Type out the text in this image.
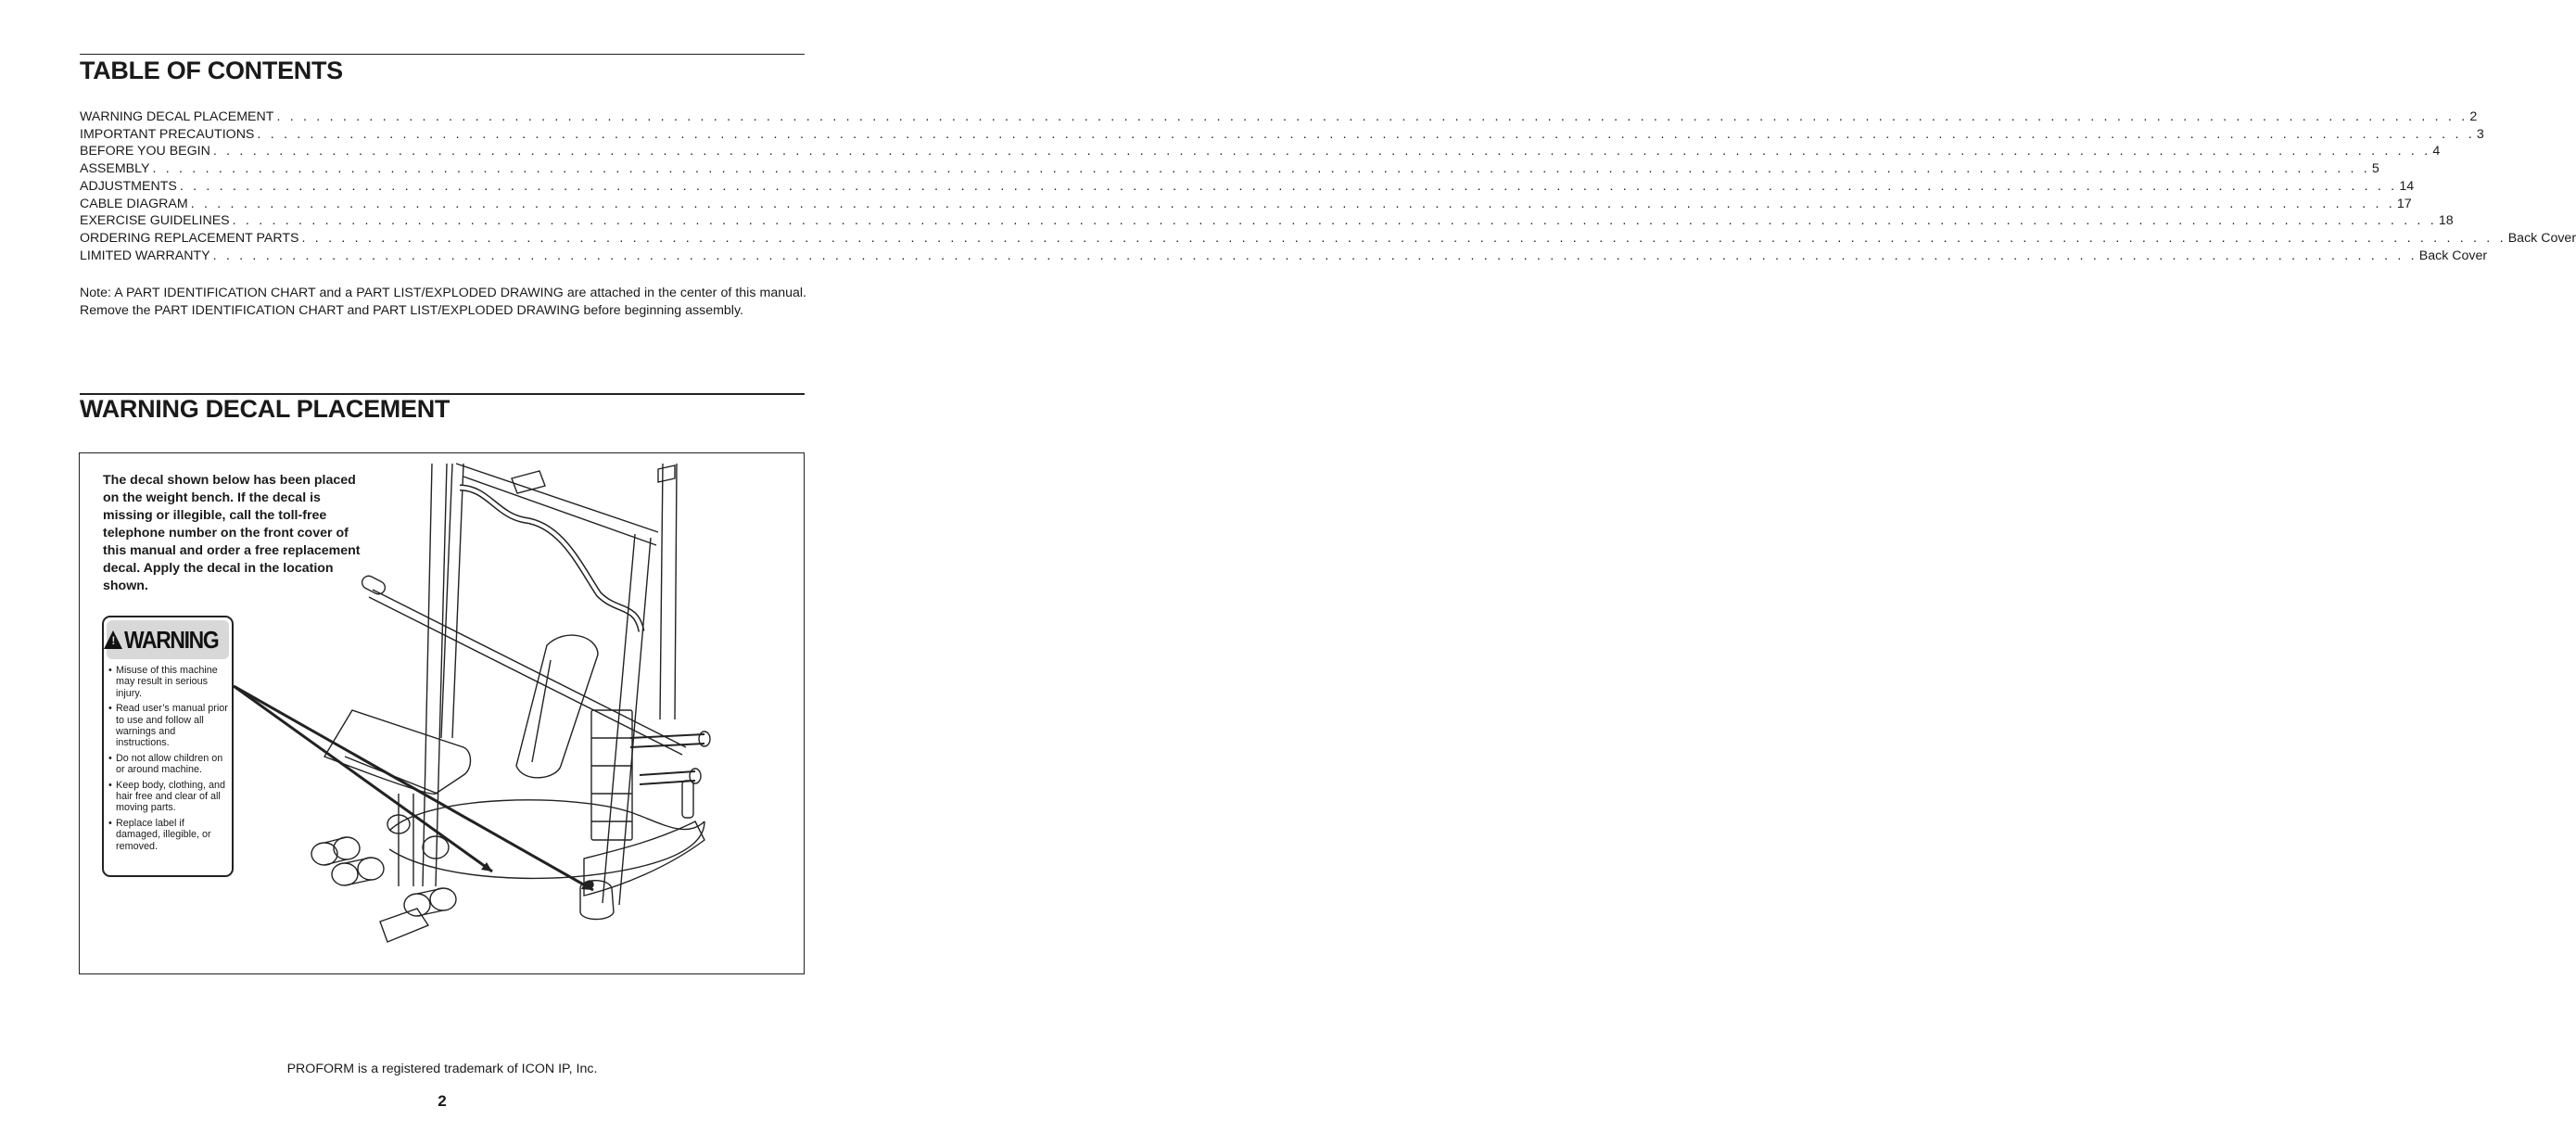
TABLE OF CONTENTS
WARNING DECAL PLACEMENT . . . . . . . . . . . . . . . . . . . . . . . . . . . . . . . . . . . . . . . . . . . . . . . . . . . . . . . . . . . . . . . . . . . . . . . . . . . . . . . . . . . . . . . . . . . . . . . . . . . . . . . . . . . . . . . . . . . . . . . . . . . . . . . . . . . . . . . . . . . . . . . . . . . . . . . . . . . . . . . . . . . . . . 2
IMPORTANT PRECAUTIONS . . . . . . . . . . . . . . . . . . . . . . . . . . . . . . . . . . . . . . . . . . . . . . . . . . . . . . . . . . . . . . . . . . . . . . . . . . . . . . . . . . . . . . . . . . . . . . . . . . . . . . . . . . . . . . . . . . . . . . . . . . . . . . . . . . . . . . . . . . . . . . . . . . . . . . . . . . . . . . . . . . . . . . . . 3
BEFORE YOU BEGIN . . . . . . . . . . . . . . . . . . . . . . . . . . . . . . . . . . . . . . . . . . . . . . . . . . . . . . . . . . . . . . . . . . . . . . . . . . . . . . . . . . . . . . . . . . . . . . . . . . . . . . . . . . . . . . . . . . . . . . . . . . . . . . . . . . . . . . . . . . . . . . . . . . . . . . . . . . . . . . . . . . . . . . . . 4
ASSEMBLY . . . . . . . . . . . . . . . . . . . . . . . . . . . . . . . . . . . . . . . . . . . . . . . . . . . . . . . . . . . . . . . . . . . . . . . . . . . . . . . . . . . . . . . . . . . . . . . . . . . . . . . . . . . . . . . . . . . . . . . . . . . . . . . . . . . . . . . . . . . . . . . . . . . . . . . . . . . . . . . . . . . . . . . . 5
ADJUSTMENTS . . . . . . . . . . . . . . . . . . . . . . . . . . . . . . . . . . . . . . . . . . . . . . . . . . . . . . . . . . . . . . . . . . . . . . . . . . . . . . . . . . . . . . . . . . . . . . . . . . . . . . . . . . . . . . . . . . . . . . . . . . . . . . . . . . . . . . . . . . . . . . . . . . . . . . . . . . . . . . . . . . . . . . . . 14
CABLE DIAGRAM . . . . . . . . . . . . . . . . . . . . . . . . . . . . . . . . . . . . . . . . . . . . . . . . . . . . . . . . . . . . . . . . . . . . . . . . . . . . . . . . . . . . . . . . . . . . . . . . . . . . . . . . . . . . . . . . . . . . . . . . . . . . . . . . . . . . . . . . . . . . . . . . . . . . . . . . . . . . . . . . . . . . . . . 17
EXERCISE GUIDELINES . . . . . . . . . . . . . . . . . . . . . . . . . . . . . . . . . . . . . . . . . . . . . . . . . . . . . . . . . . . . . . . . . . . . . . . . . . . . . . . . . . . . . . . . . . . . . . . . . . . . . . . . . . . . . . . . . . . . . . . . . . . . . . . . . . . . . . . . . . . . . . . . . . . . . . . . . . . . . . . . . . . . . . . 18
ORDERING REPLACEMENT PARTS . . . . . . . . . . . . . . . . . . . . . . . . . . . . . . . . . . . . . . . . . . . . . . . . . . . . . . . . . . . . . . . . . . . . . . . . . . . . . . . . . . . . . . . . . . . . . . . . . . . . . . . . . . . . . . . . . . . . . . . . . . . . . . . . . . . . . . . . . . . . . . . . . . . . . . . . . . . . . . . . . . . . . . . Back Cover
LIMITED WARRANTY . . . . . . . . . . . . . . . . . . . . . . . . . . . . . . . . . . . . . . . . . . . . . . . . . . . . . . . . . . . . . . . . . . . . . . . . . . . . . . . . . . . . . . . . . . . . . . . . . . . . . . . . . . . . . . . . . . . . . . . . . . . . . . . . . . . . . . . . . . . . . . . . . . . . . . . . . . . . . . . . . . . . . . . Back Cover

Note: A PART IDENTIFICATION CHART and a PART LIST/EXPLODED DRAWING are attached in the center of this manual. Remove the PART IDENTIFICATION CHART and PART LIST/EXPLODED DRAWING before beginning assembly.

WARNING DECAL PLACEMENT
The decal shown below has been placed on the weight bench. If the decal is missing or illegible, call the toll-free telephone number on the front cover of this manual and order a free replacement decal. Apply the decal in the location shown.
! WARNING
• Misuse of this machine may result in serious injury.
• Read user’s manual prior to use and follow all warnings and instructions.
• Do not allow children on or around machine.
• Keep body, clothing, and hair free and clear of all moving parts.
• Replace label if damaged, illegible, or removed.
PROFORM is a registered trademark of ICON IP, Inc.
2
